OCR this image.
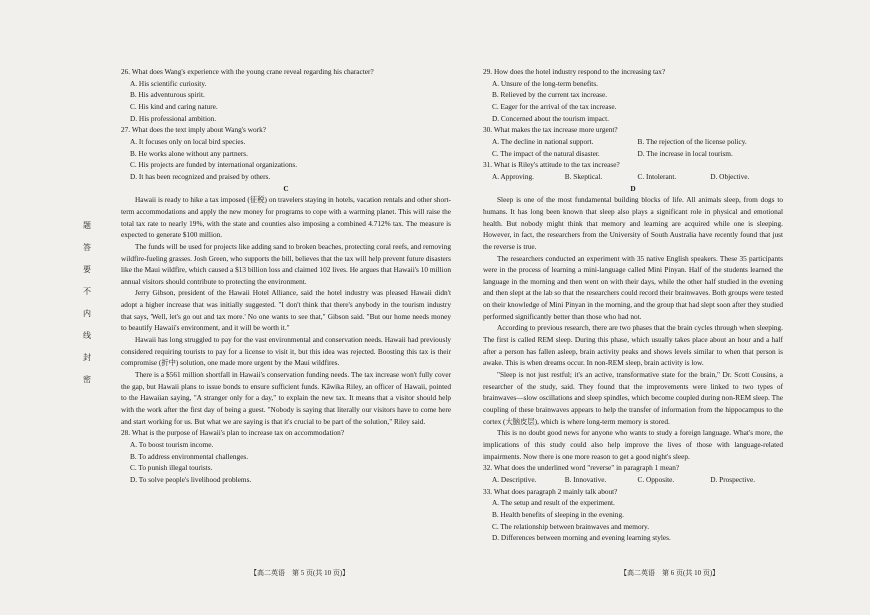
题
答
要
不
内
线
封
密

26. What does Wang's experience with the young crane reveal regarding his character?

A. His scientific curiosity.

B. His adventurous spirit.

C. His kind and caring nature.

D. His professional ambition.

27. What does the text imply about Wang's work?

A. It focuses only on local bird species.

B. He works alone without any partners.

C. His projects are funded by international organizations.

D. It has been recognized and praised by others.

C

Hawaii is ready to hike a tax imposed (征税) on travelers staying in hotels, vacation rentals and other short-term accommodations and apply the new money for programs to cope with a warming planet. This will raise the total tax rate to nearly 19%, with the state and counties also imposing a combined 4.712% tax. The measure is expected to generate $100 million.

The funds will be used for projects like adding sand to broken beaches, protecting coral reefs, and removing wildfire-fueling grasses. Josh Green, who supports the bill, believes that the tax will help prevent future disasters like the Maui wildfire, which caused a $13 billion loss and claimed 102 lives. He argues that Hawaii's 10 million annual visitors should contribute to protecting the environment.

Jerry Gibson, president of the Hawaii Hotel Alliance, said the hotel industry was pleased Hawaii didn't adopt a higher increase that was initially suggested. "I don't think that there's anybody in the tourism industry that says, 'Well, let's go out and tax more.' No one wants to see that," Gibson said. "But our home needs money to beautify Hawaii's environment, and it will be worth it."

Hawaii has long struggled to pay for the vast environmental and conservation needs. Hawaii had previously considered requiring tourists to pay for a license to visit it, but this idea was rejected. Boosting this tax is their compromise (折中) solution, one made more urgent by the Maui wildfires.

There is a $561 million shortfall in Hawaii's conservation funding needs. The tax increase won't fully cover the gap, but Hawaii plans to issue bonds to ensure sufficient funds. Kāwika Riley, an officer of Hawaii, pointed to the Hawaiian saying, "A stranger only for a day," to explain the new tax. It means that a visitor should help with the work after the first day of being a guest. "Nobody is saying that literally our visitors have to come here and start working for us. But what we are saying is that it's crucial to be part of the solution," Riley said.

28. What is the purpose of Hawaii's plan to increase tax on accommodation?

A. To boost tourism income.

B. To address environmental challenges.

C. To punish illegal tourists.

D. To solve people's livelihood problems.

29. How does the hotel industry respond to the increasing tax?

A. Unsure of the long-term benefits.

B. Relieved by the current tax increase.

C. Eager for the arrival of the tax increase.

D. Concerned about the tourism impact.

30. What makes the tax increase more urgent?

A. The decline in national support.	B. The rejection of the license policy.
C. The impact of the natural disaster.	D. The increase in local tourism.

31. What is Riley's attitude to the tax increase?

A. Approving.	B. Skeptical.	C. Intolerant.	D. Objective.

D

Sleep is one of the most fundamental building blocks of life. All animals sleep, from dogs to humans. It has long been known that sleep also plays a significant role in physical and emotional health. But nobody might think that memory and learning are acquired while one is sleeping. However, in fact, the researchers from the University of South Australia have recently found that just the reverse is true.

The researchers conducted an experiment with 35 native English speakers. These 35 participants were in the process of learning a mini-language called Mini Pinyan. Half of the students learned the language in the morning and then went on with their days, while the other half studied in the evening and then slept at the lab so that the researchers could record their brainwaves. Both groups were tested on their knowledge of Mini Pinyan in the morning, and the group that had slept soon after they studied performed significantly better than those who had not.

According to previous research, there are two phases that the brain cycles through when sleeping. The first is called REM sleep. During this phase, which usually takes place about an hour and a half after a person has fallen asleep, brain activity peaks and shows levels similar to when that person is awake. This is when dreams occur. In non-REM sleep, brain activity is low.

"Sleep is not just restful; it's an active, transformative state for the brain," Dr. Scott Cousins, a researcher of the study, said. They found that the improvements were linked to two types of brainwaves—slow oscillations and sleep spindles, which become coupled during non-REM sleep. The coupling of these brainwaves appears to help the transfer of information from the hippocampus to the cortex (大脑皮层), which is where long-term memory is stored.

This is no doubt good news for anyone who wants to study a foreign language. What's more, the implications of this study could also help improve the lives of those with language-related impairments. Now there is one more reason to get a good night's sleep.

32. What does the underlined word "reverse" in paragraph 1 mean?

A. Descriptive.	B. Innovative.	C. Opposite.	D. Prospective.

33. What does paragraph 2 mainly talk about?

A. The setup and result of the experiment.

B. Health benefits of sleeping in the evening.

C. The relationship between brainwaves and memory.

D. Differences between morning and evening learning styles.

【高二英语　第 5 页(共 10 页)】	【高二英语　第 6 页(共 10 页)】
